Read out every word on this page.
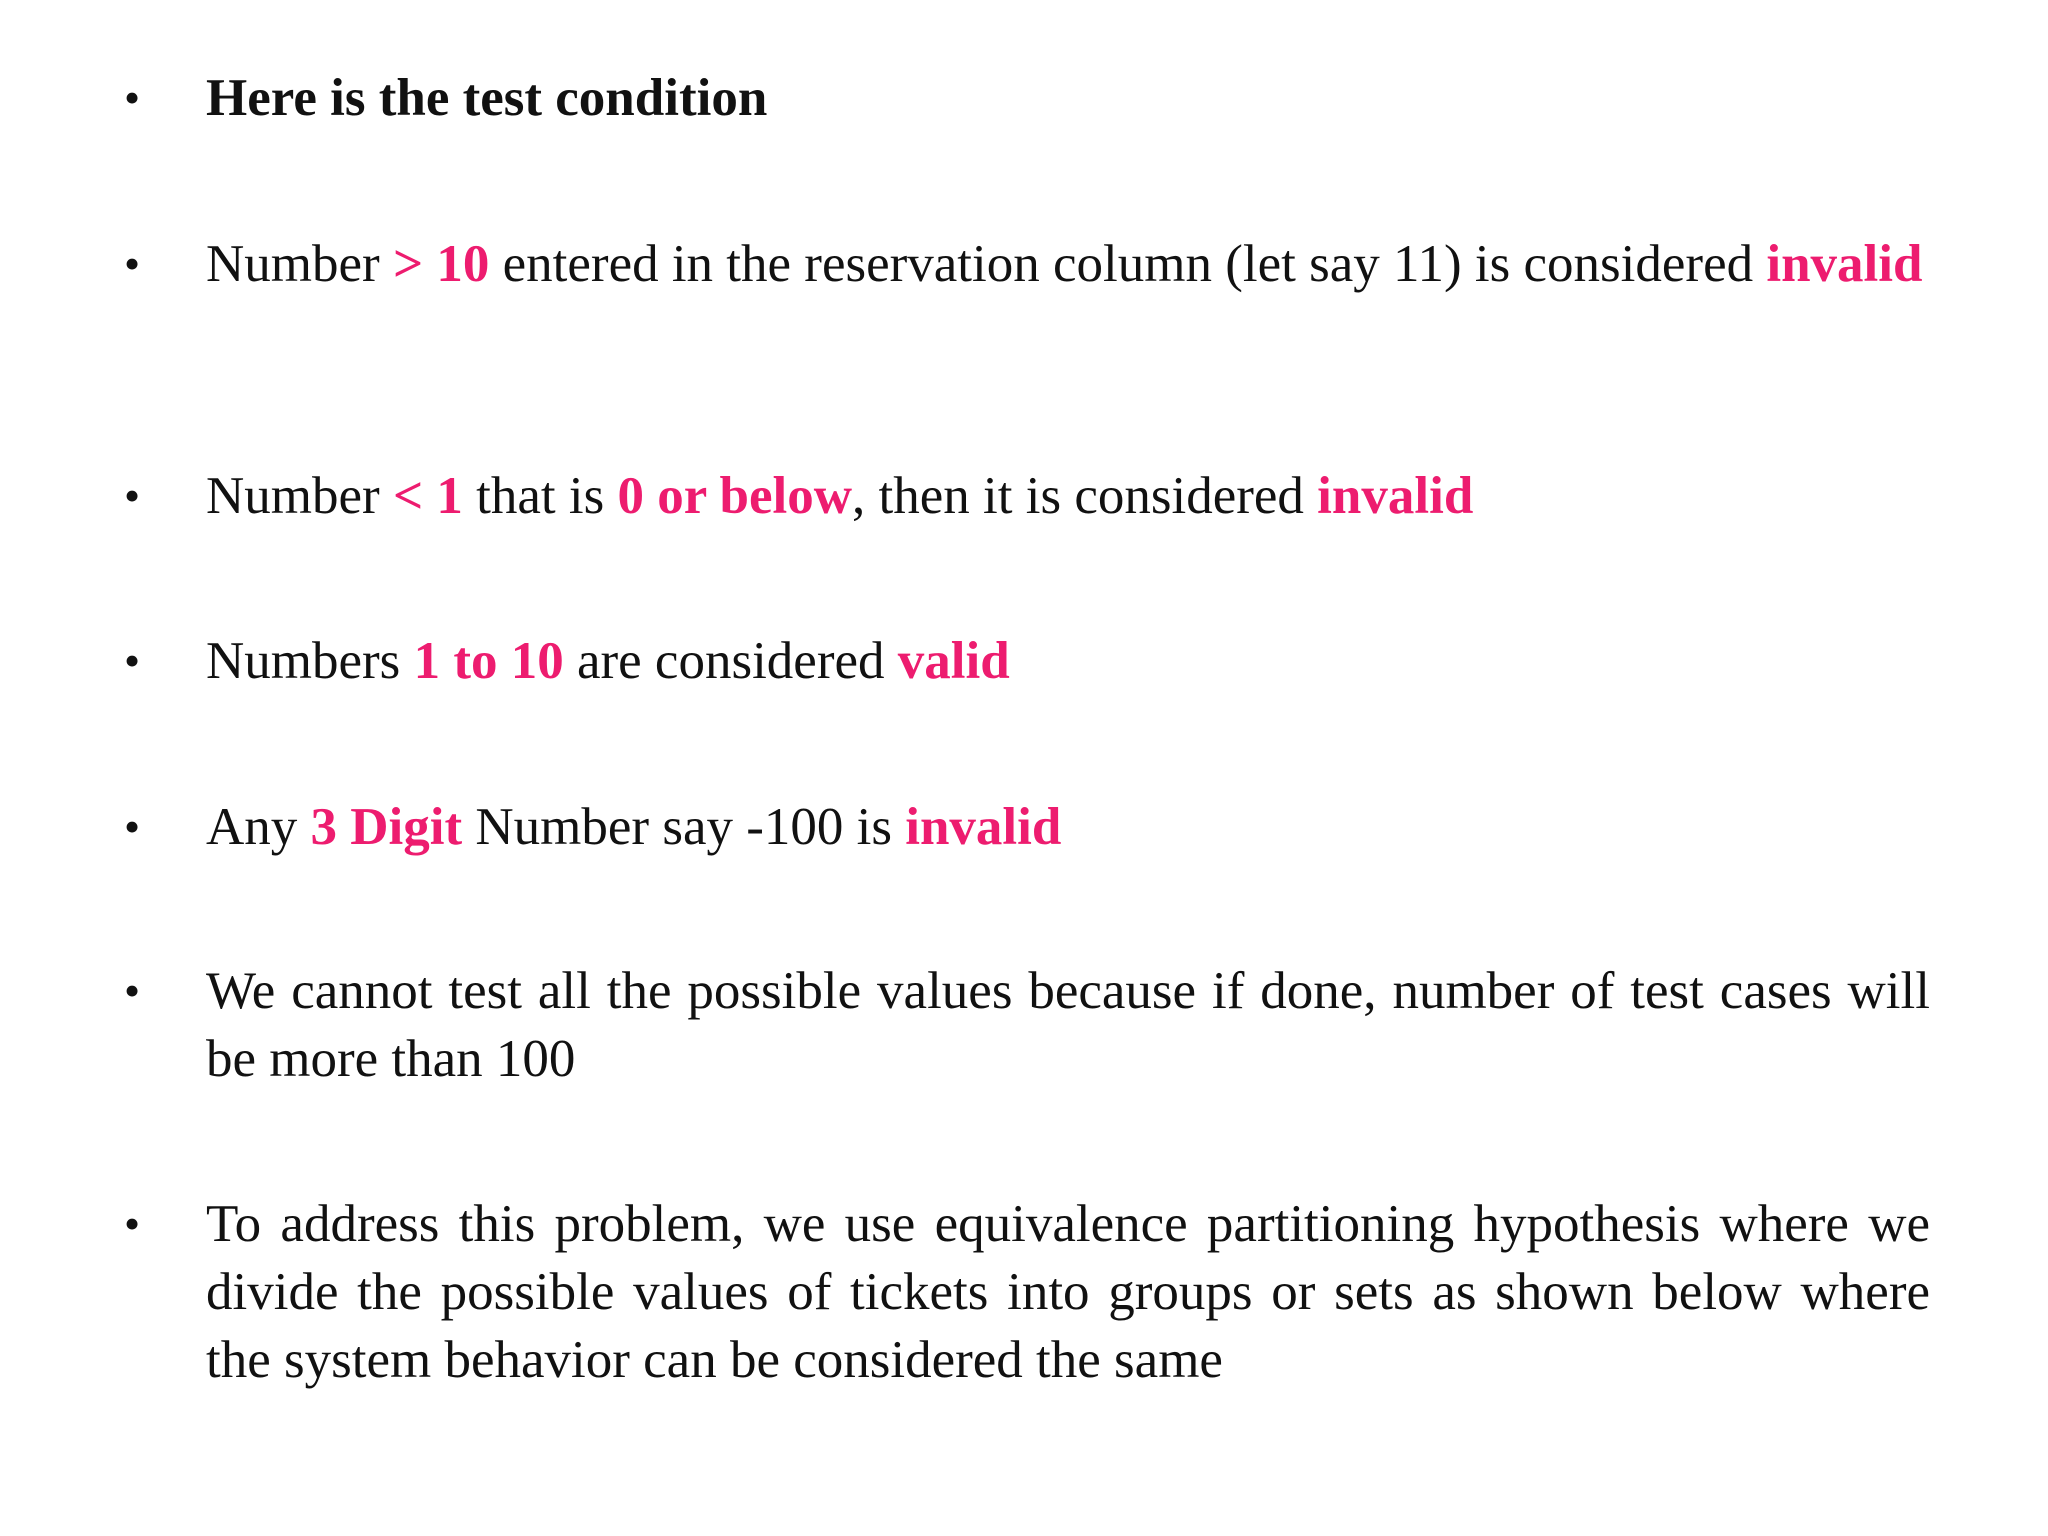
•	Here is the test condition
•	Number > 10 entered in the reservation column (let say 11) is considered invalid
•	Number < 1 that is 0 or below, then it is considered invalid
•	Numbers 1 to 10 are considered valid
•	Any 3 Digit Number say -100 is invalid
•	We cannot test all the possible values because if done, number of test cases will be more than 100
•	To address this problem, we use equivalence partitioning hypothesis where we divide the possible values of tickets into groups or sets as shown below where the system behavior can be considered the same
